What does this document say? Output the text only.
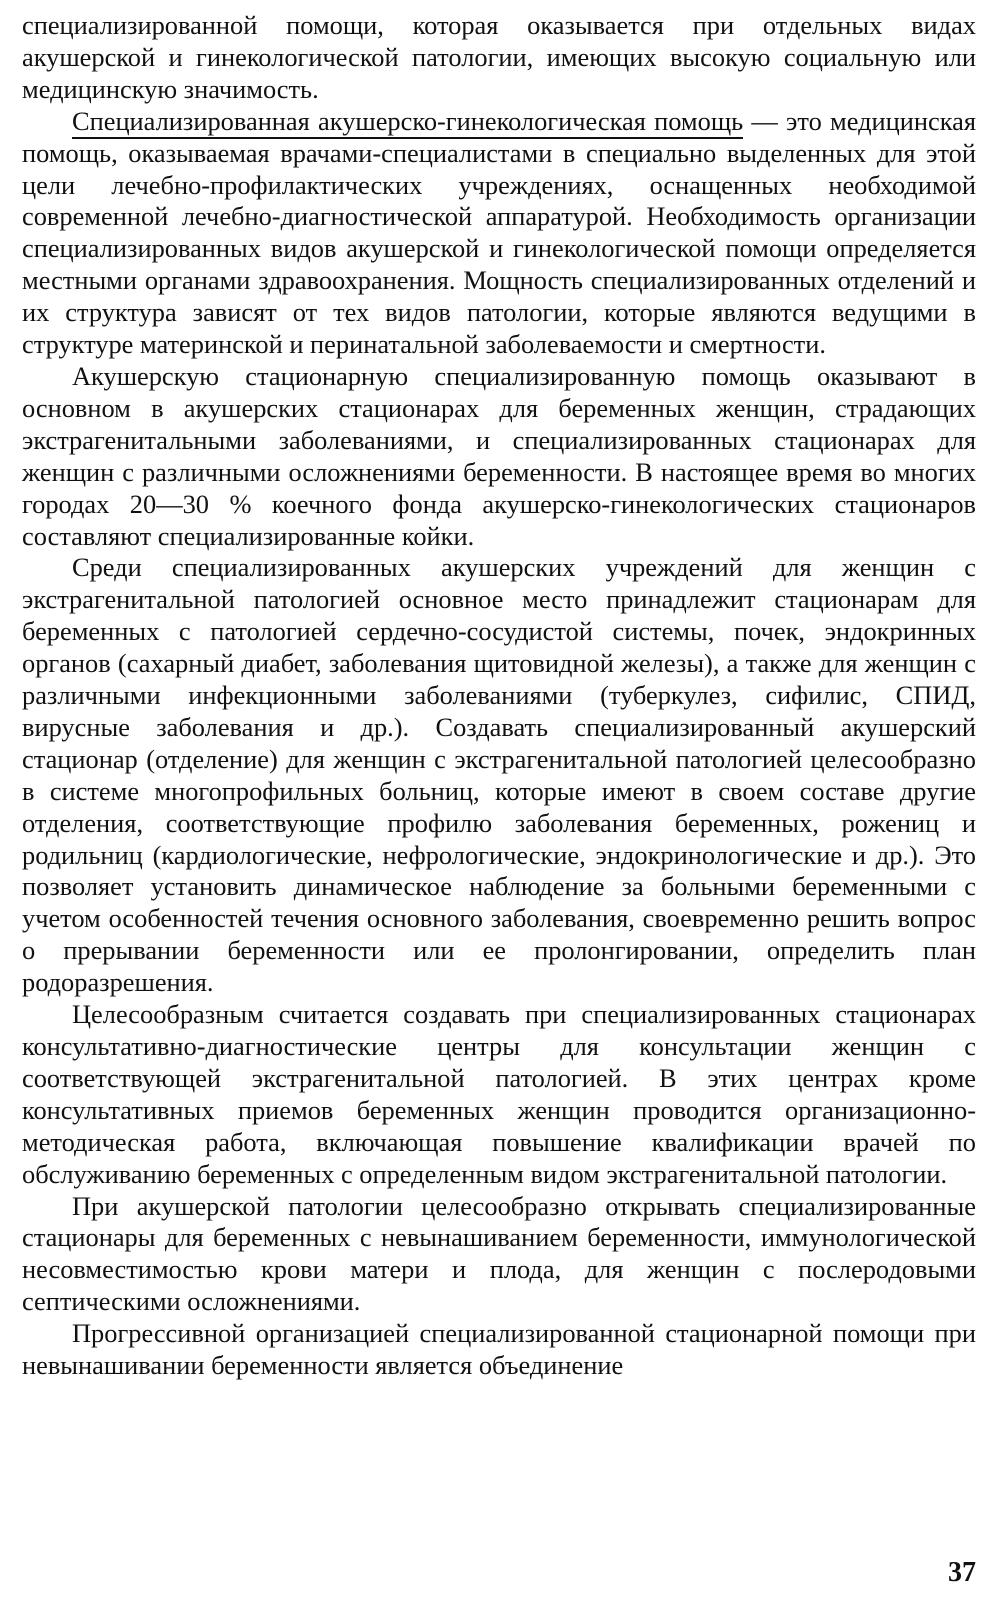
специализированной помощи, которая оказывается при отдельных видах акушерской и гинекологической патологии, имеющих высокую социальную или медицинскую значимость.

Специализированная акушерско-гинекологическая помощь — это медицинская помощь, оказываемая врачами-специалистами в специально выделенных для этой цели лечебно-профилактических учреждениях, оснащенных необходимой современной лечебно-диагностической аппаратурой. Необходимость организации специализированных видов акушерской и гинекологической помощи определяется местными органами здравоохранения. Мощность специализированных отделений и их структура зависят от тех видов патологии, которые являются ведущими в структуре материнской и перинатальной заболеваемости и смертности.

Акушерскую стационарную специализированную помощь оказывают в основном в акушерских стационарах для беременных женщин, страдающих экстрагенитальными заболеваниями, и специализированных стационарах для женщин с различными осложнениями беременности. В настоящее время во многих городах 20—30 % коечного фонда акушерско-гинекологических стационаров составляют специализированные койки.

Среди специализированных акушерских учреждений для женщин с экстрагенитальной патологией основное место принадлежит стационарам для беременных с патологией сердечно-сосудистой системы, почек, эндокринных органов (сахарный диабет, заболевания щитовидной железы), а также для женщин с различными инфекционными заболеваниями (туберкулез, сифилис, СПИД, вирусные заболевания и др.). Создавать специализированный акушерский стационар (отделение) для женщин с экстрагенитальной патологией целесообразно в системе многопрофильных больниц, которые имеют в своем составе другие отделения, соответствующие профилю заболевания беременных, рожениц и родильниц (кардиологические, нефрологические, эндокринологические и др.). Это позволяет установить динамическое наблюдение за больными беременными с учетом особенностей течения основного заболевания, своевременно решить вопрос о прерывании беременности или ее пролонгировании, определить план родоразрешения.

Целесообразным считается создавать при специализированных стационарах консультативно-диагностические центры для консультации женщин с соответствующей экстрагенитальной патологией. В этих центрах кроме консультативных приемов беременных женщин проводится организационно-методическая работа, включающая повышение квалификации врачей по обслуживанию беременных с определенным видом экстрагенитальной патологии.

При акушерской патологии целесообразно открывать специализированные стационары для беременных с невынашиванием беременности, иммунологической несовместимостью крови матери и плода, для женщин с послеродовыми септическими осложнениями.

Прогрессивной организацией специализированной стационарной помощи при невынашивании беременности является объединение

37
